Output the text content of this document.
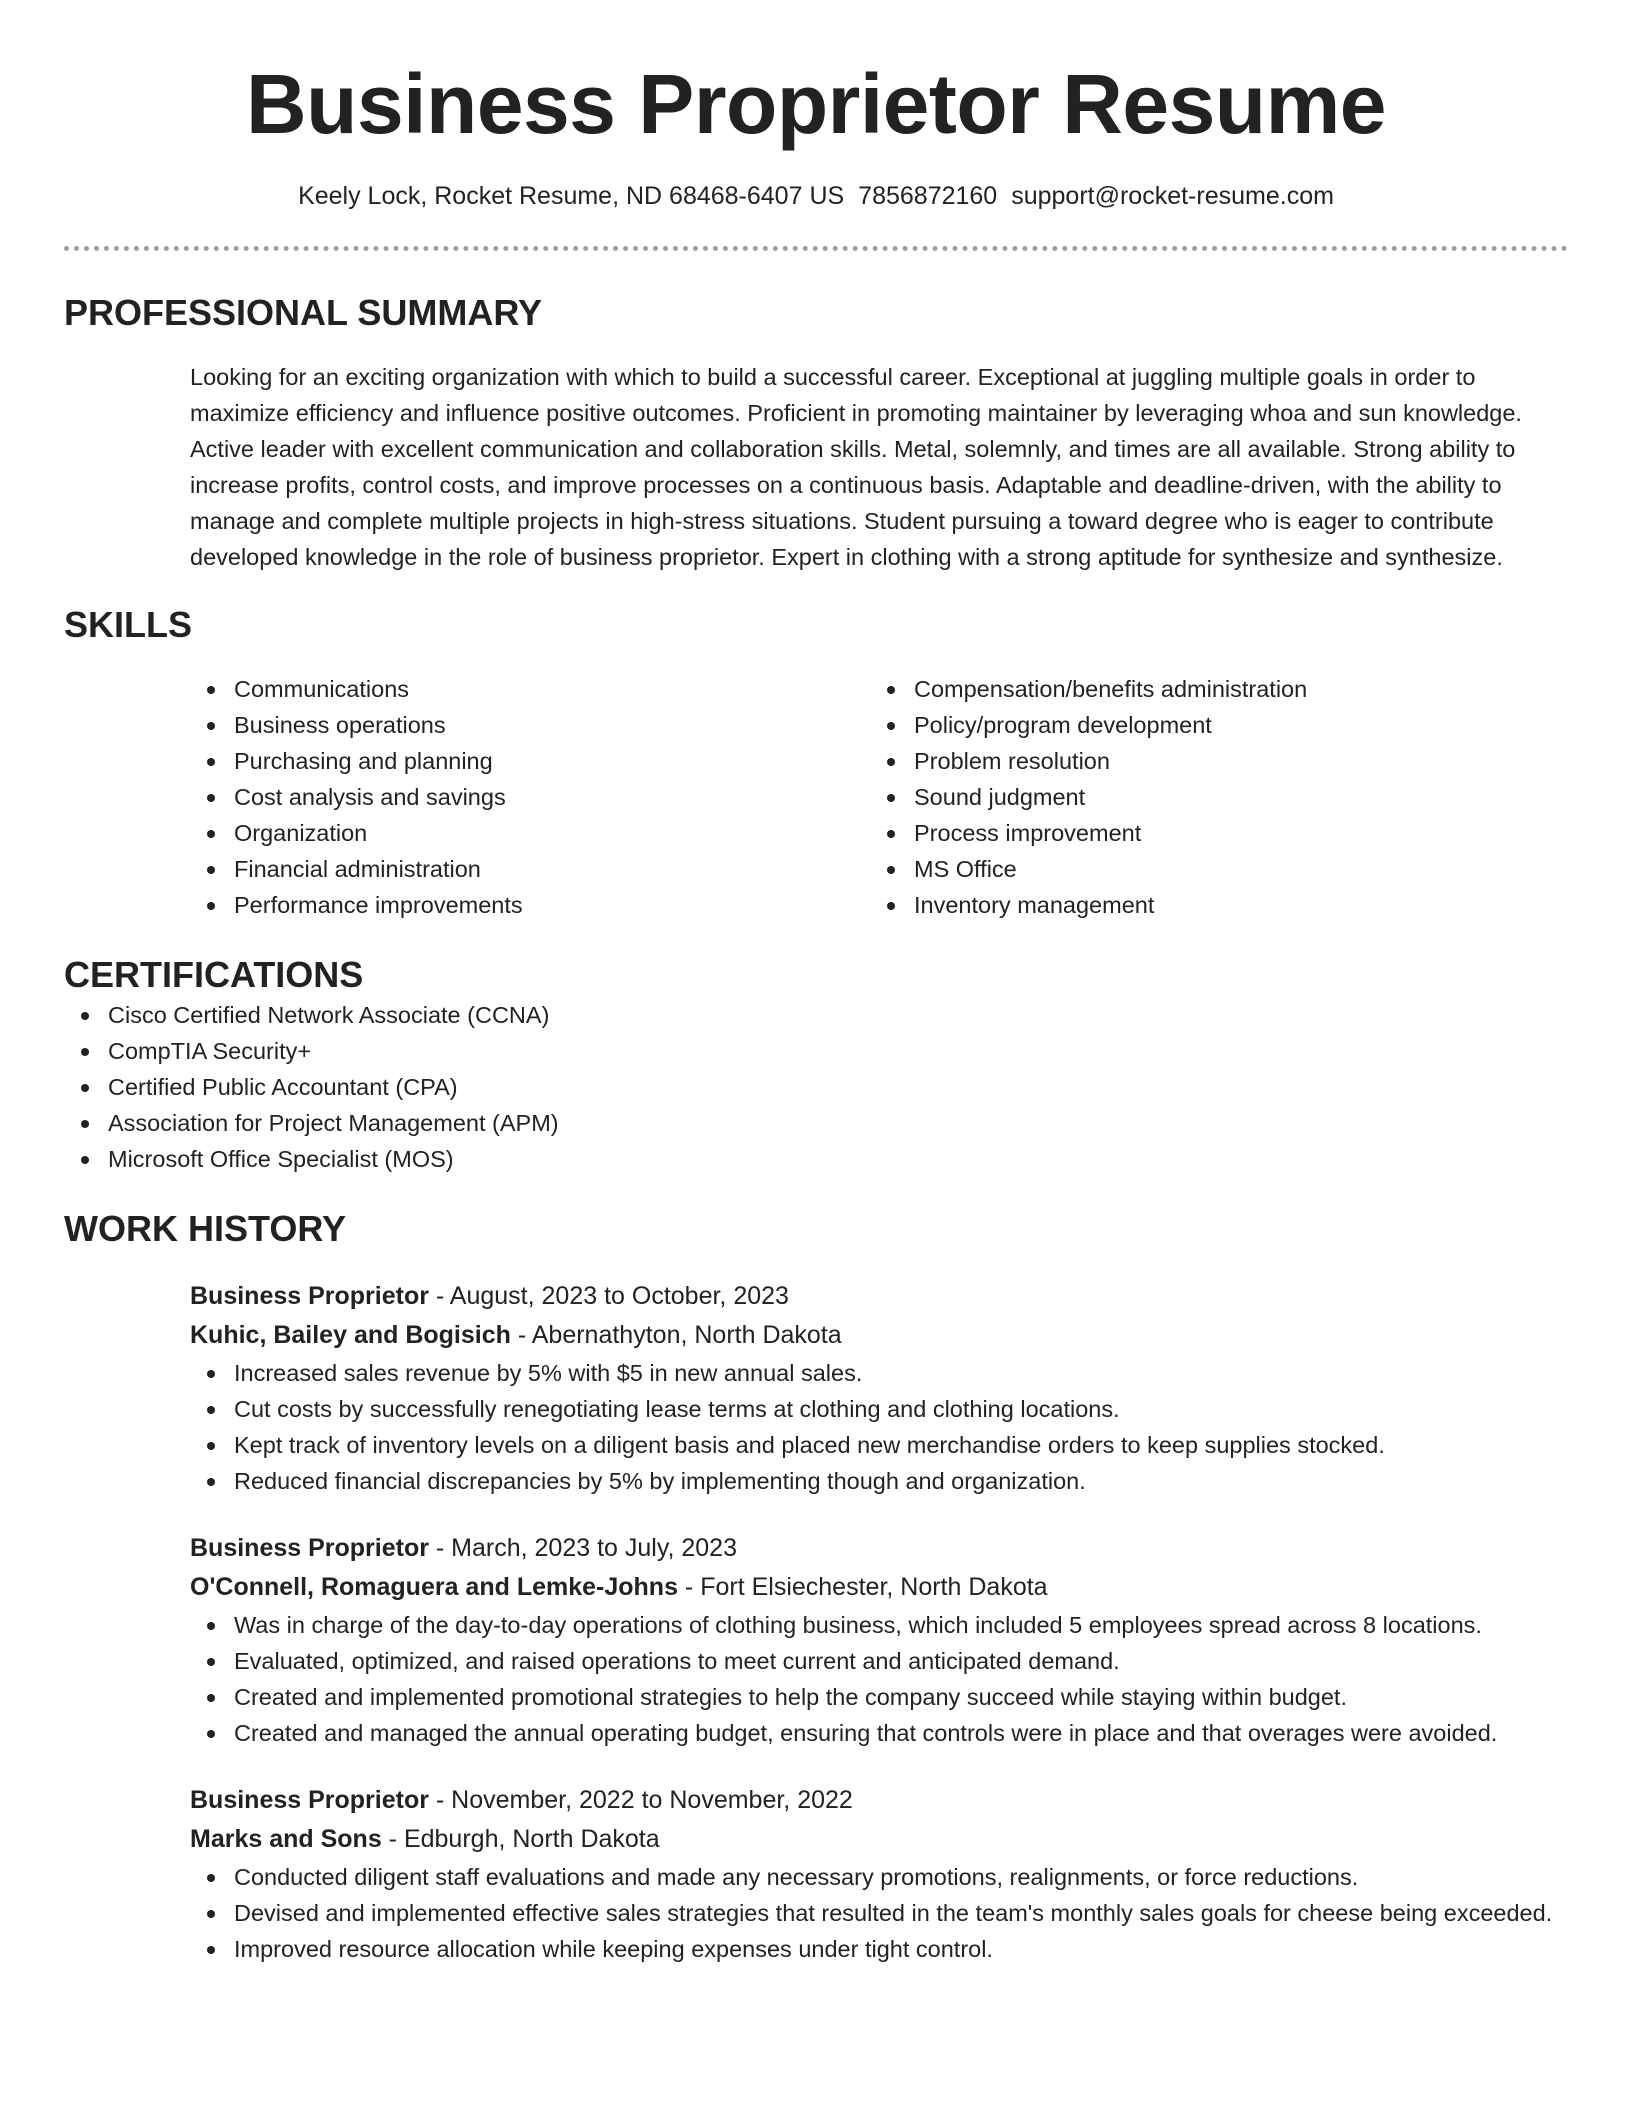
Business Proprietor Resume
Keely Lock, Rocket Resume, ND 68468-6407 US 7856872160 support@rocket-resume.com
PROFESSIONAL SUMMARY

Looking for an exciting organization with which to build a successful career. Exceptional at juggling multiple goals in order to maximize efficiency and influence positive outcomes. Proficient in promoting maintainer by leveraging whoa and sun knowledge. Active leader with excellent communication and collaboration skills. Metal, solemnly, and times are all available. Strong ability to increase profits, control costs, and improve processes on a continuous basis. Adaptable and deadline-driven, with the ability to manage and complete multiple projects in high-stress situations. Student pursuing a toward degree who is eager to contribute developed knowledge in the role of business proprietor. Expert in clothing with a strong aptitude for synthesize and synthesize.

SKILLS
Communications
Business operations
Purchasing and planning
Cost analysis and savings
Organization
Financial administration
Performance improvements
Compensation/benefits administration
Policy/program development
Problem resolution
Sound judgment
Process improvement
MS Office
Inventory management
CERTIFICATIONS
Cisco Certified Network Associate (CCNA)
CompTIA Security+
Certified Public Accountant (CPA)
Association for Project Management (APM)
Microsoft Office Specialist (MOS)
WORK HISTORY
Business Proprietor - August, 2023 to October, 2023
Kuhic, Bailey and Bogisich - Abernathyton, North Dakota
Increased sales revenue by 5% with $5 in new annual sales.
Cut costs by successfully renegotiating lease terms at clothing and clothing locations.
Kept track of inventory levels on a diligent basis and placed new merchandise orders to keep supplies stocked.
Reduced financial discrepancies by 5% by implementing though and organization.
Business Proprietor - March, 2023 to July, 2023
O'Connell, Romaguera and Lemke-Johns - Fort Elsiechester, North Dakota
Was in charge of the day-to-day operations of clothing business, which included 5 employees spread across 8 locations.
Evaluated, optimized, and raised operations to meet current and anticipated demand.
Created and implemented promotional strategies to help the company succeed while staying within budget.
Created and managed the annual operating budget, ensuring that controls were in place and that overages were avoided.
Business Proprietor - November, 2022 to November, 2022
Marks and Sons - Edburgh, North Dakota
Conducted diligent staff evaluations and made any necessary promotions, realignments, or force reductions.
Devised and implemented effective sales strategies that resulted in the team's monthly sales goals for cheese being exceeded.
Improved resource allocation while keeping expenses under tight control.
